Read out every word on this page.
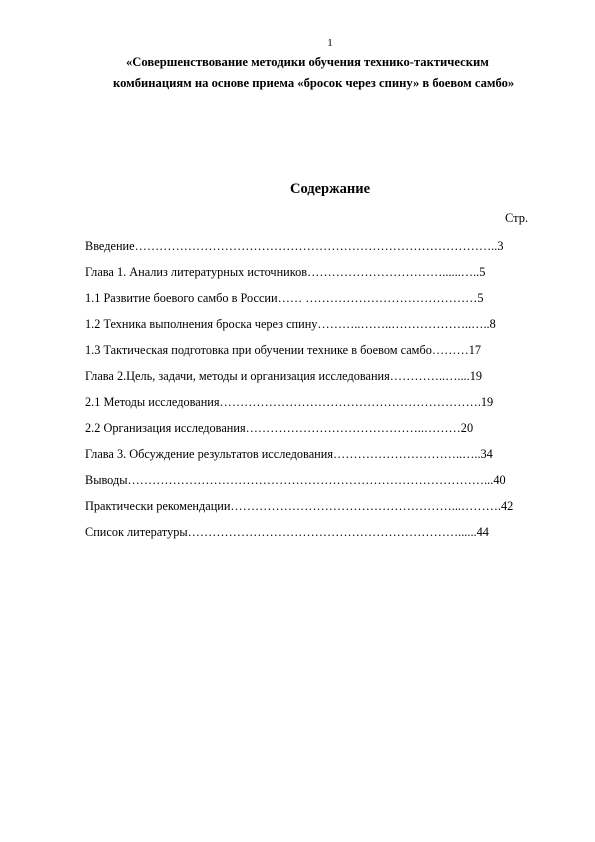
1
«Совершенствование методики обучения технико-тактическим
комбинациям на основе приема «бросок через спину» в боевом самбо»
Содержание
Стр.
Введение……………………………………………………………………………..3
Глава 1. Анализ литературных источников……………………………......…..5
1.1 Развитие боевого самбо в России…… ……………………………………5
1.2 Техника выполнения броска через спину………..……..………………..…..8
1.3 Тактическая подготовка при обучении технике в боевом самбо………17
Глава 2.Цель, задачи, методы и организация исследования…………..…....19
2.1 Методы исследования……………………………………………………….19
2.2 Организация исследования……………………………………..………20
Глава 3. Обсуждение результатов исследования…………………………..…..34
Выводы……………………………………………………………………………...40
Практически рекомендации………………………………………………...……….42
Список литературы…………………………………………………………......44
